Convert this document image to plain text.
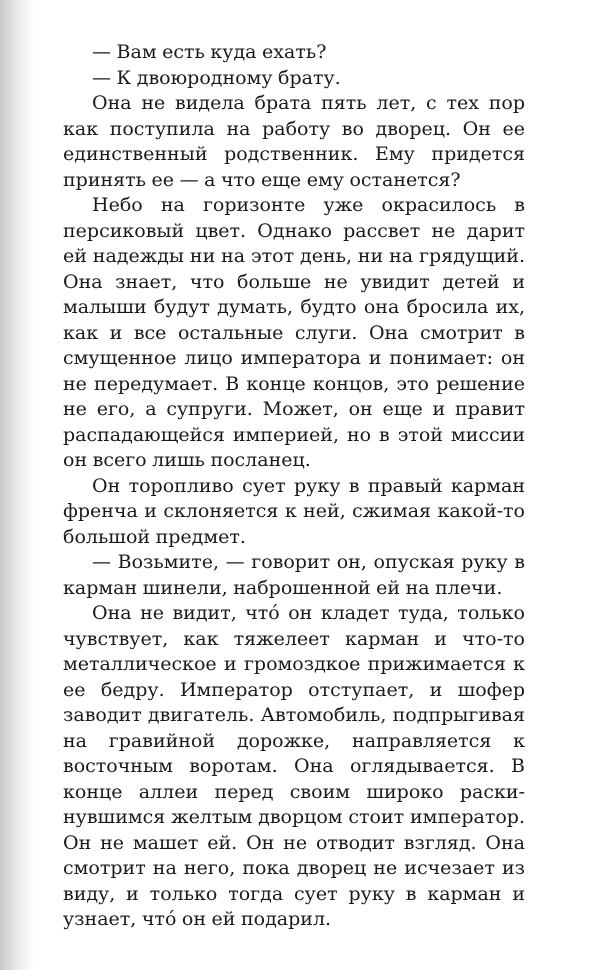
— Вам есть куда ехать?

— К двоюродному брату.

Она не видела брата пять лет, с тех пор как поступила на работу во дворец. Он ее единственный родственник. Ему придется принять ее — а что еще ему останется?

Небо на горизонте уже окрасилось в персиковый цвет. Однако рассвет не дарит ей надежды ни на этот день, ни на грядущий. Она знает, что больше не увидит детей и малыши будут думать, будто она бросила их, как и все остальные слуги. Она смотрит в смущенное лицо императора и понимает: он не передумает. В конце концов, это решение не его, а супруги. Может, он еще и правит распадающейся империей, но в этой миссии он всего лишь посланец.

Он торопливо сует руку в правый карман френча и склоняется к ней, сжимая какой-то большой предмет.

— Возьмите, — говорит он, опуская руку в карман шинели, наброшенной ей на плечи.

Она не видит, что́ он кладет туда, только чувствует, как тяжелеет карман и что-то металлическое и громоздкое прижимается к ее бедру. Император отступает, и шофер заводит двигатель. Автомобиль, подпрыгивая на гравийной дорожке, направляется к восточным воротам. Она оглядывается. В конце аллеи перед своим широко раскинувшимся желтым дворцом стоит император. Он не машет ей. Он не отводит взгляд. Она смотрит на него, пока дворец не исчезает из виду, и только тогда сует руку в карман и узнает, что́ он ей подарил.
